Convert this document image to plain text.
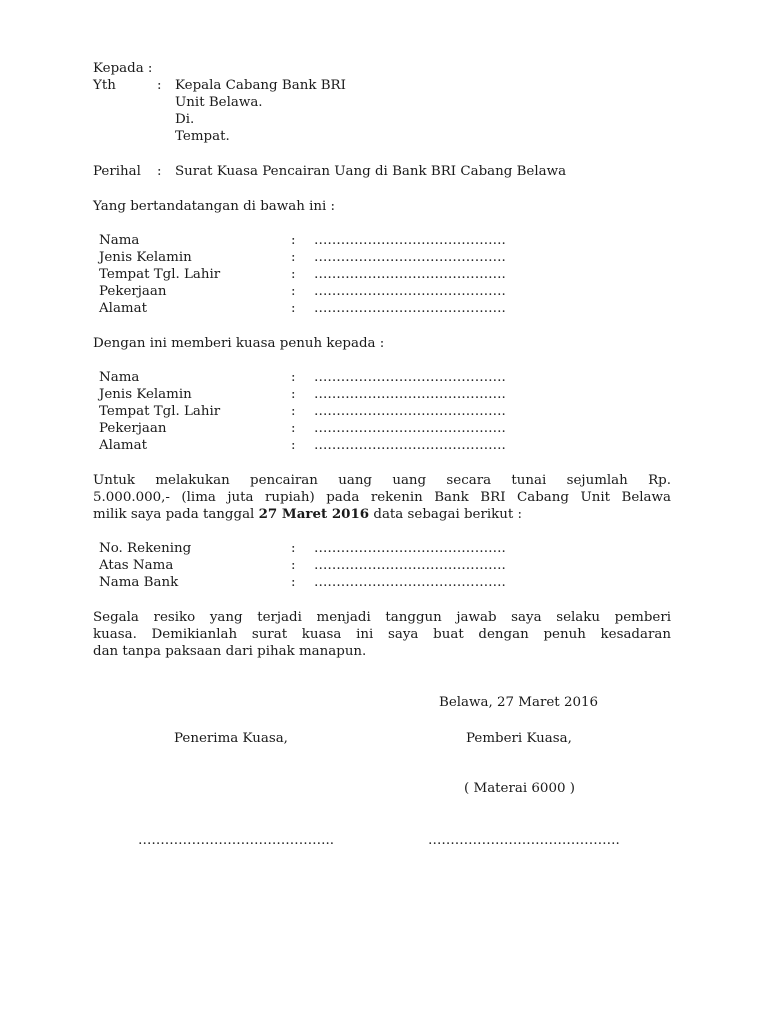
Kepada :
Yth	: Kepala Cabang Bank BRI
Unit Belawa.
Di.
Tempat.
Perihal : Surat Kuasa Pencairan Uang di Bank BRI Cabang Belawa
Yang bertandatangan di bawah ini :
Nama	: …………………………………….
Jenis Kelamin	: …………………………………….
Tempat Tgl. Lahir	: …………………………………….
Pekerjaan	: …………………………………….
Alamat	: …………………………………….
Dengan ini memberi kuasa penuh kepada :
Nama	: …………………………………….
Jenis Kelamin	: …………………………………….
Tempat Tgl. Lahir	: …………………………………….
Pekerjaan	: …………………………………….
Alamat	: …………………………………….
Untuk melakukan pencairan uang uang secara tunai sejumlah Rp.
5.000.000,- (lima juta rupiah) pada rekenin Bank BRI Cabang Unit Belawa
milik saya pada tanggal 27 Maret 2016 data sebagai berikut :
No. Rekening	: …………………………………….
Atas Nama	: …………………………………….
Nama Bank	: …………………………………….
Segala resiko yang terjadi menjadi tanggun jawab saya selaku pemberi
kuasa. Demikianlah surat kuasa ini saya buat dengan penuh kesadaran
dan tanpa paksaan dari pihak manapun.
Belawa, 27 Maret 2016
Penerima Kuasa,	Pemberi Kuasa,
( Materai 6000 )
……………………………………..	…………………………………….
